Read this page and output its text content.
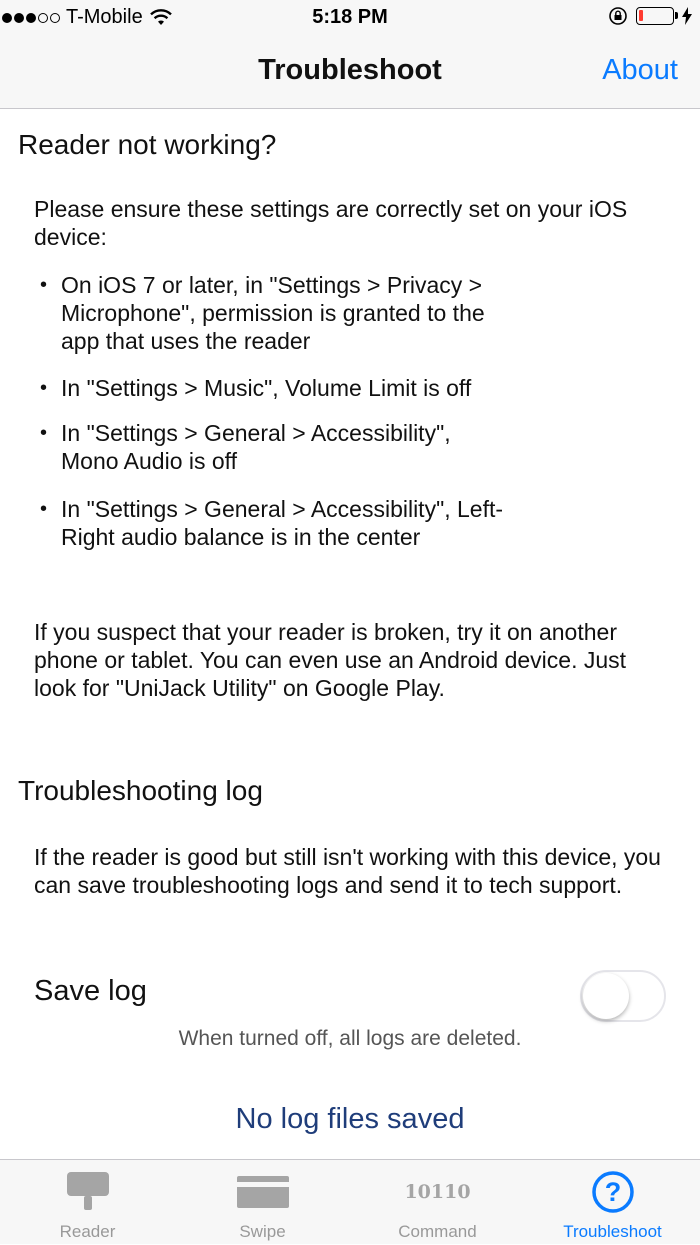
T-Mobile	5:18 PM
Troubleshoot	About
Reader not working?
Please ensure these settings are correctly set on your iOS device:
• On iOS 7 or later, in "Settings > Privacy > Microphone", permission is granted to the app that uses the reader
• In "Settings > Music", Volume Limit is off
• In "Settings > General > Accessibility", Mono Audio is off
• In "Settings > General > Accessibility", Left-Right audio balance is in the center
If you suspect that your reader is broken, try it on another phone or tablet. You can even use an Android device. Just look for "UniJack Utility" on Google Play.
Troubleshooting log
If the reader is good but still isn't working with this device, you can save troubleshooting logs and send it to tech support.
Save log
When turned off, all logs are deleted.
No log files saved
Reader	Swipe
10110
Command
?
Troubleshoot
